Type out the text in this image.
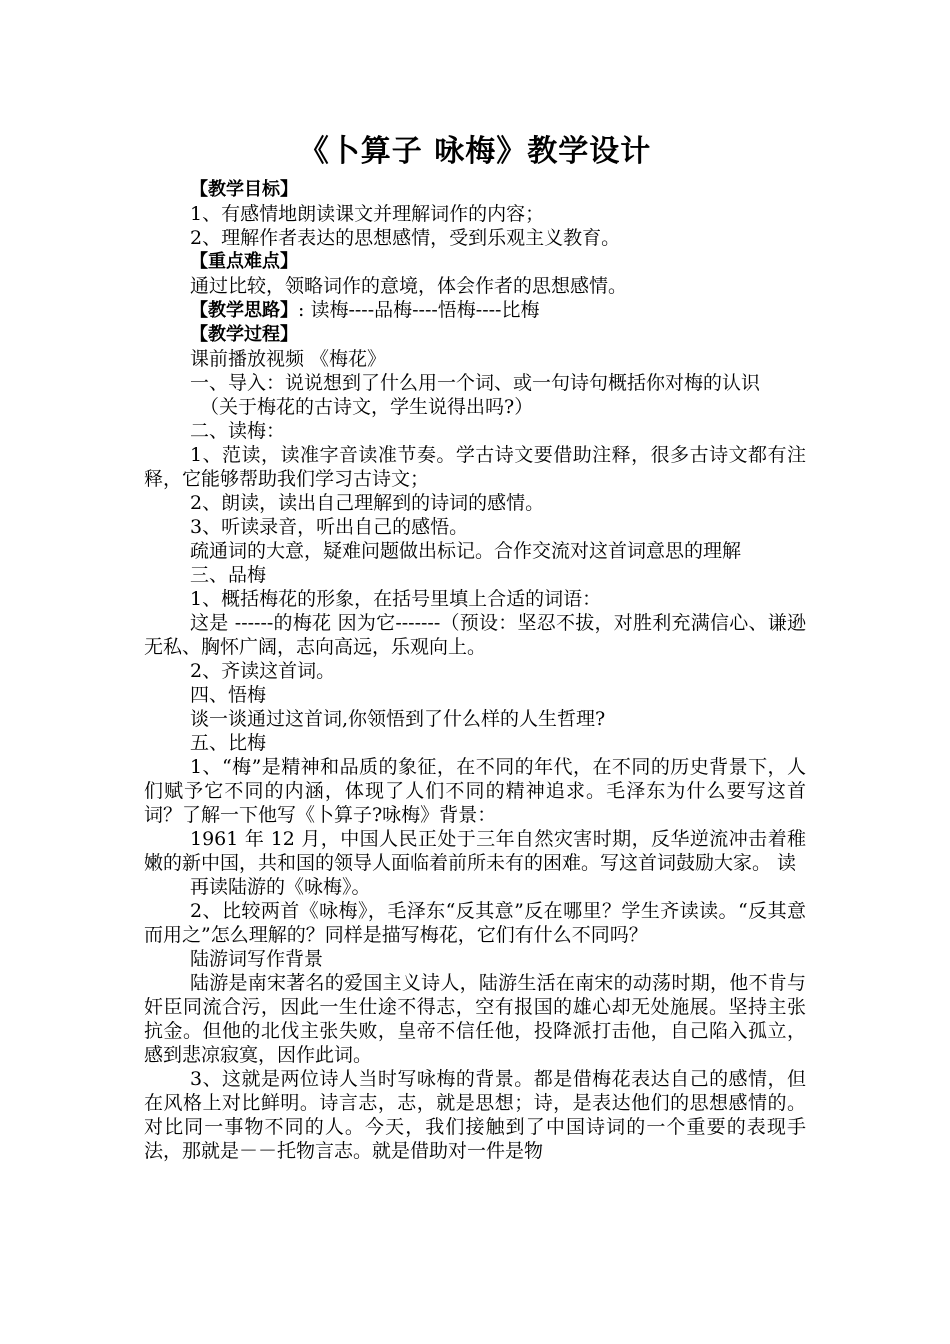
《卜算子 咏梅》教学设计
【教学目标】
1、有感情地朗读课文并理解词作的内容；
2、理解作者表达的思想感情，受到乐观主义教育。
【重点难点】
通过比较，领略词作的意境，体会作者的思想感情。
【教学思路】: 读梅----品梅----悟梅----比梅
【教学过程】
课前播放视频 《梅花》
一、导入：说说想到了什么用一个词、或一句诗句概括你对梅的认识
（关于梅花的古诗文，学生说得出吗?）
二、读梅：
1、范读，读准字音读准节奏。学古诗文要借助注释，很多古诗文都有注释，它能够帮助我们学习古诗文；
2、朗读，读出自己理解到的诗词的感情。
3、听读录音，听出自己的感悟。
疏通词的大意，疑难问题做出标记。合作交流对这首词意思的理解
三、品梅
1、概括梅花的形象，在括号里填上合适的词语：
这是 ------的梅花 因为它-------（预设：坚忍不拔，对胜利充满信心、谦逊无私、胸怀广阔，志向高远，乐观向上。
2、齐读这首词。
四、悟梅
谈一谈通过这首词,你领悟到了什么样的人生哲理?
五、比梅
1、“梅”是精神和品质的象征，在不同的年代，在不同的历史背景下，人们赋予它不同的内涵，体现了人们不同的精神追求。毛泽东为什么要写这首词？了解一下他写《卜算子?咏梅》背景：
1961 年 12 月，中国人民正处于三年自然灾害时期，反华逆流冲击着稚嫩的新中国，共和国的领导人面临着前所未有的困难。写这首词鼓励大家。 读
再读陆游的《咏梅》。
2、比较两首《咏梅》，毛泽东“反其意”反在哪里？学生齐读读。“反其意而用之”怎么理解的？同样是描写梅花，它们有什么不同吗？
陆游词写作背景
陆游是南宋著名的爱国主义诗人，陆游生活在南宋的动荡时期，他不肯与奸臣同流合污，因此一生仕途不得志，空有报国的雄心却无处施展。坚持主张抗金。但他的北伐主张失败，皇帝不信任他，投降派打击他，自己陷入孤立，感到悲凉寂寞，因作此词。
3、这就是两位诗人当时写咏梅的背景。都是借梅花表达自己的感情，但在风格上对比鲜明。诗言志，志，就是思想；诗，是表达他们的思想感情的。对比同一事物不同的人。今天，我们接触到了中国诗词的一个重要的表现手法，那就是－－托物言志。就是借助对一件是物
